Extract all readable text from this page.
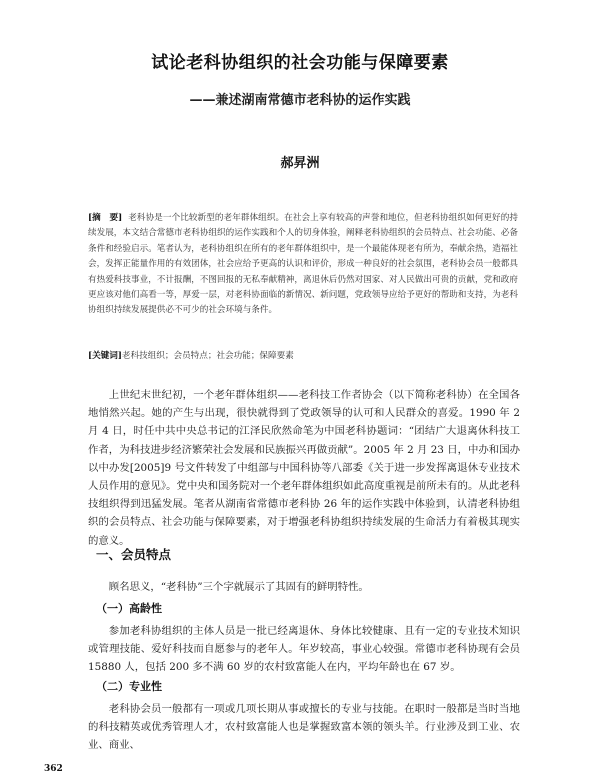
试论老科协组织的社会功能与保障要素
——兼述湖南常德市老科协的运作实践
郝昇洲
[摘　要] 老科协是一个比较新型的老年群体组织。在社会上享有较高的声誉和地位，但老科协组织如何更好的持续发展，本文结合常德市老科协组织的运作实践和个人的切身体验，阐释老科协组织的会员特点、社会功能、必备条件和经验启示。笔者认为，老科协组织在所有的老年群体组织中，是一个最能体现老有所为，奉献余热，造福社会，发挥正能量作用的有效团体，社会应给予更高的认识和评价，形成一种良好的社会氛围，老科协会员一般都具有热爱科技事业，不计报酬，不图回报的无私奉献精神，离退休后仍然对国家、对人民做出可贵的贡献，党和政府更应该对他们高看一等，厚爱一层，对老科协面临的新情况、新问题，党政领导应给予更好的帮助和支持，为老科协组织持续发展提供必不可少的社会环境与条件。
[关键词]老科技组织；会员特点；社会功能；保障要素

上世纪末世纪初，一个老年群体组织——老科技工作者协会（以下简称老科协）在全国各地悄然兴起。她的产生与出现，很快就得到了党政领导的认可和人民群众的喜爱。1990 年 2 月 4 日，时任中共中央总书记的江泽民欣然命笔为中国老科协题词：“团结广大退离休科技工作者，为科技进步经济繁荣社会发展和民族振兴再做贡献”。2005 年 2 月 23 日，中办和国办以中办发[2005]9 号文件转发了中组部与中国科协等八部委《关于进一步发挥离退休专业技术人员作用的意见》。党中央和国务院对一个老年群体组织如此高度重视是前所未有的。从此老科技组织得到迅猛发展。笔者从湖南省常德市老科协 26 年的运作实践中体验到，认清老科协组织的会员特点、社会功能与保障要素，对于增强老科协组织持续发展的生命活力有着极其现实的意义。

一、会员特点

顾名思义，“老科协”三个字就展示了其固有的鲜明特性。

（一）高龄性

参加老科协组织的主体人员是一批已经离退休、身体比较健康、且有一定的专业技术知识或管理技能、爱好科技而自愿参与的老年人。年岁较高，事业心较强。常德市老科协现有会员 15880 人，包括 200 多不满 60 岁的农村致富能人在内，平均年龄也在 67 岁。

（二）专业性

老科协会员一般都有一项或几项长期从事或擅长的专业与技能。在职时一般都是当时当地的科技精英或优秀管理人才，农村致富能人也是掌握致富本领的领头羊。行业涉及到工业、农业、商业、

362
